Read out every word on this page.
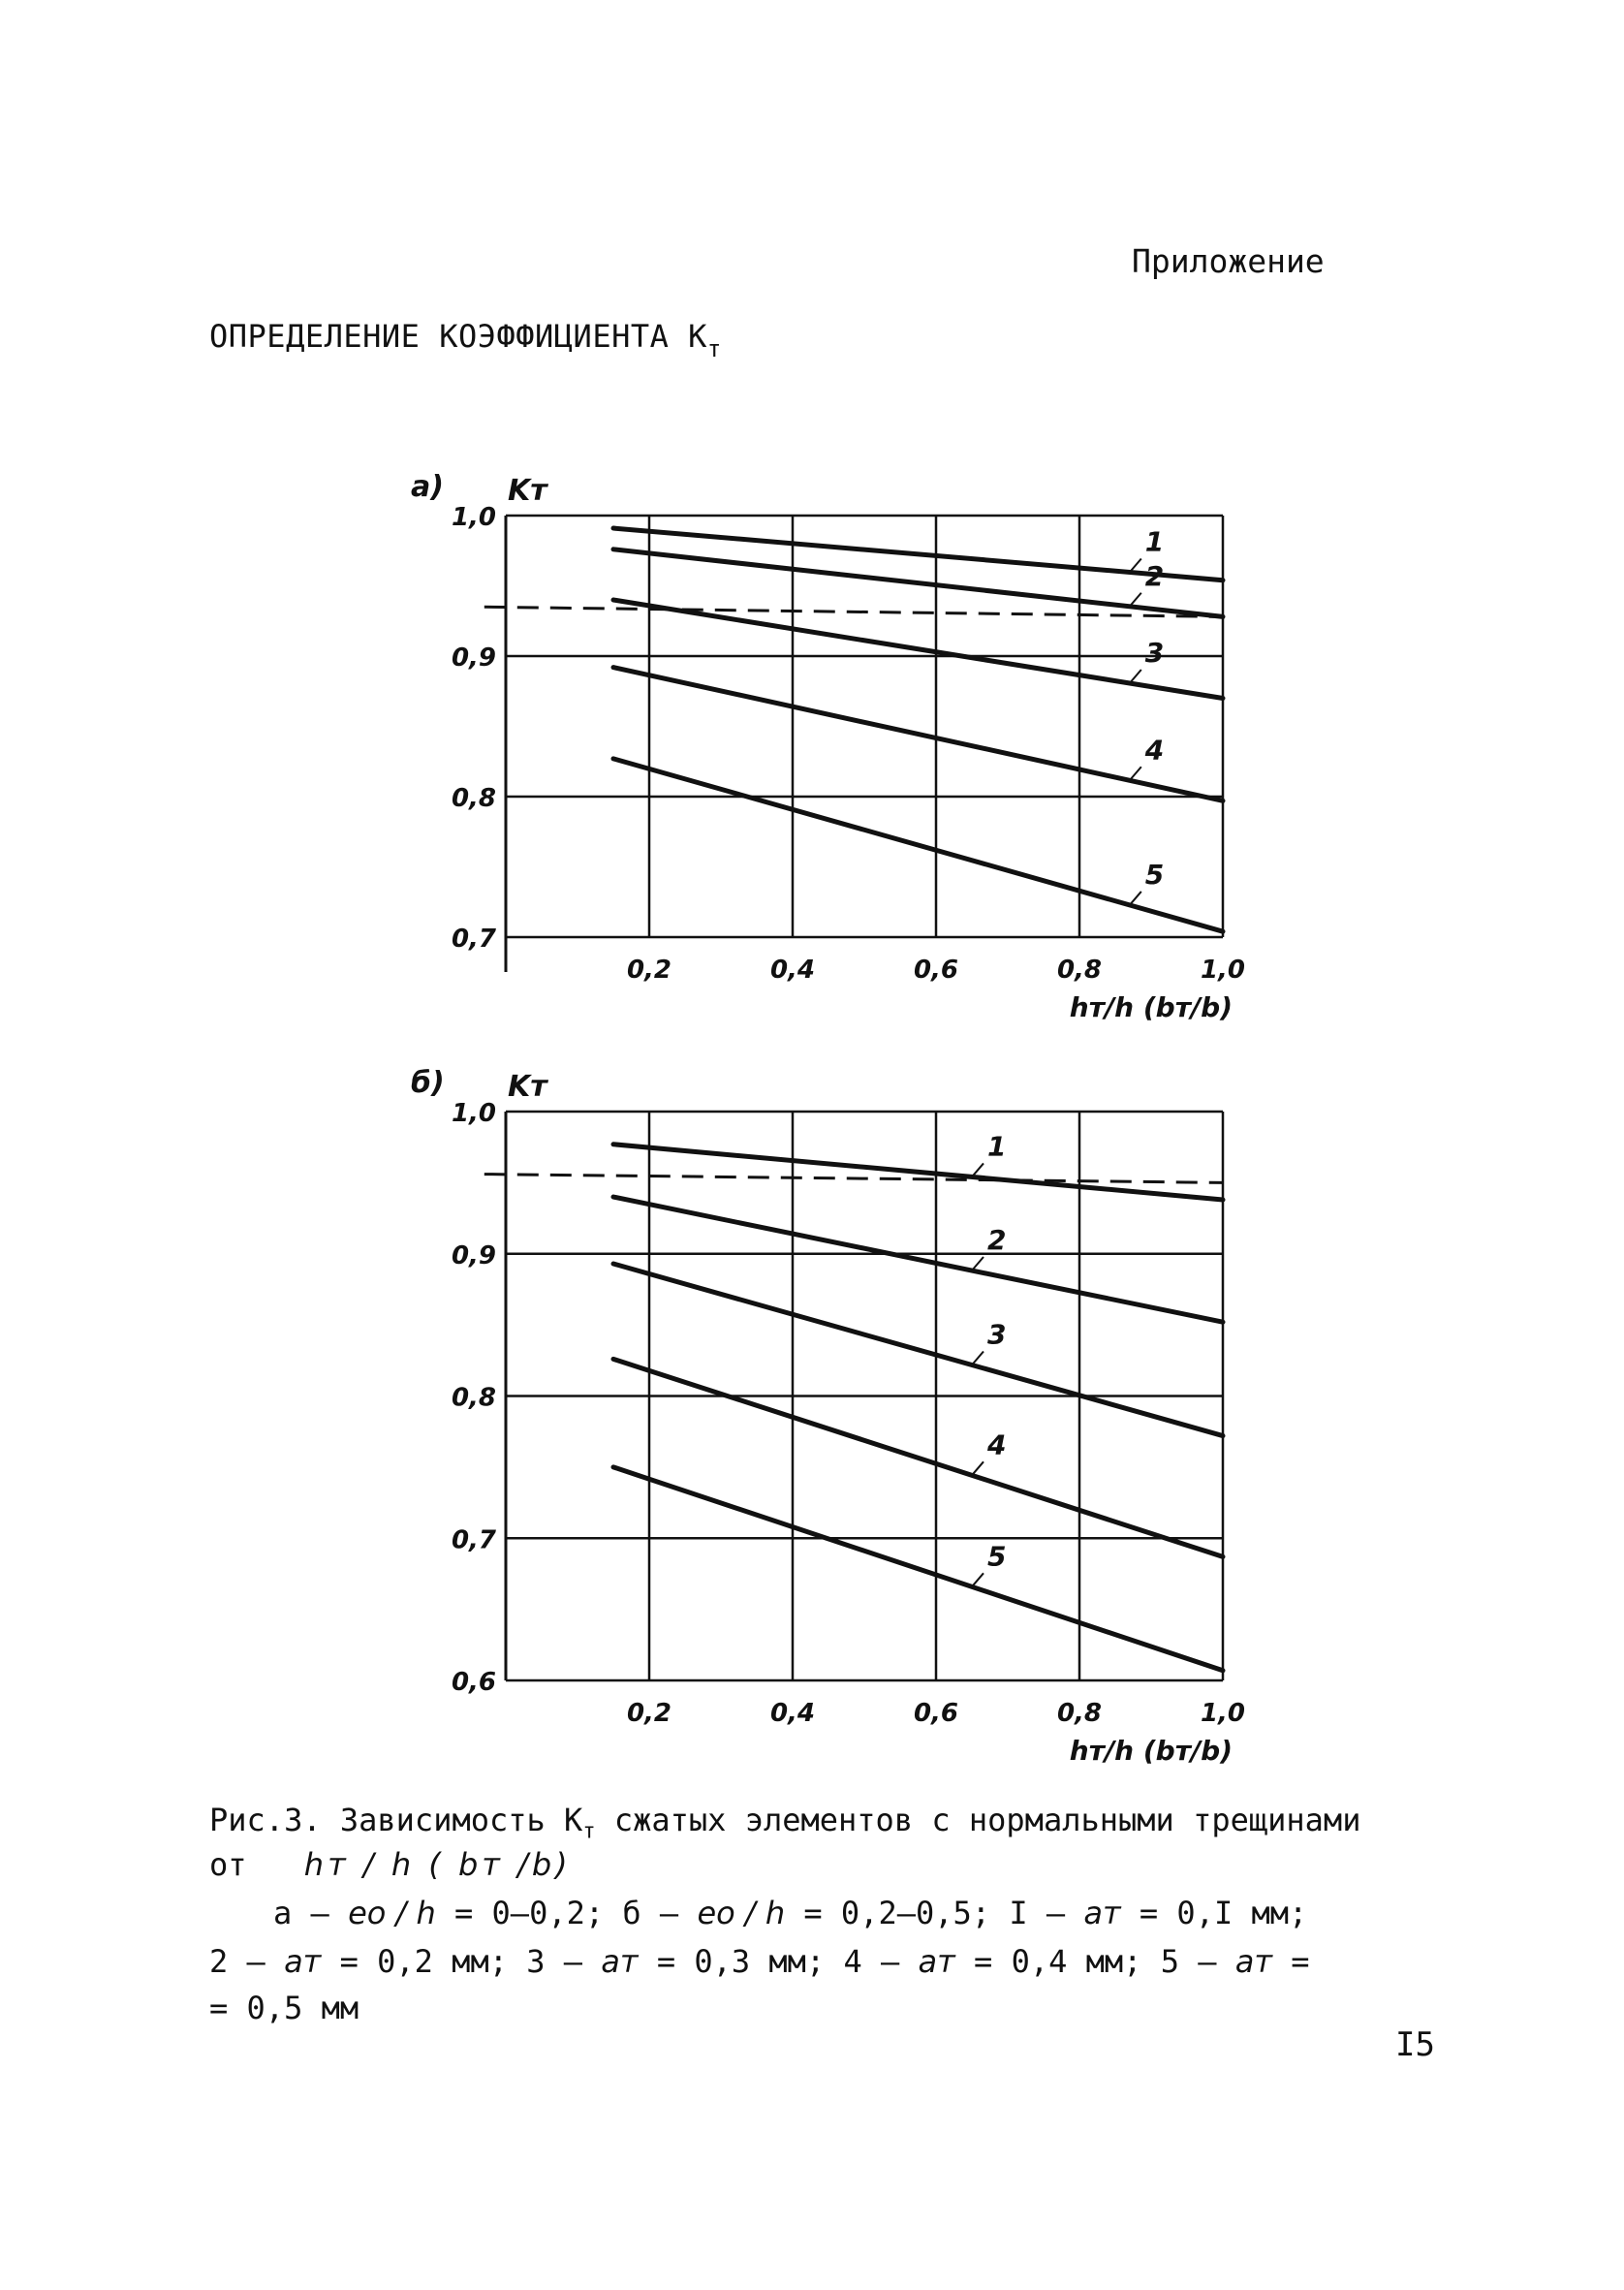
Приложение
ОПРЕДЕЛЕНИЕ КОЭФФИЦИЕНТА $К_т$
0,2	0,4	0,6	0,8	1,0
1,0
0,9
0,8
0,7
1
2
3
4
5
а) Kт
hт/h (bт/b)
0,2	0,4	0,6	0,8	1,0
1,0
0,9
0,8
0,7
0,6
1
2
3
4
5
б) Kт
hт/h (bт/b)
Рис.3. Зависимость $К_т$ сжатых элементов с нормальными трещинами
от hт / h ( bт /b)
а – eо / h = 0–0,2; б – eо / h = 0,2–0,5; I – aт = 0,I мм;
2 – aт = 0,2 мм; 3 – aт = 0,3 мм; 4 – aт = 0,4 мм; 5 – aт =
= 0,5 мм
I5
